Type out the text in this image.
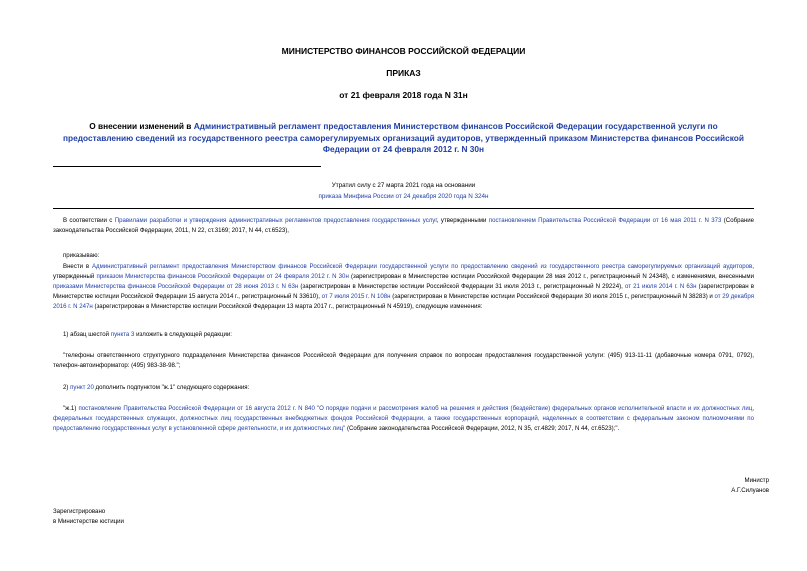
МИНИСТЕРСТВО ФИНАНСОВ РОССИЙСКОЙ ФЕДЕРАЦИИ
ПРИКАЗ
от 21 февраля 2018 года N 31н
О внесении изменений в Административный регламент предоставления Министерством финансов Российской Федерации государственной услуги по предоставлению сведений из государственного реестра саморегулируемых организаций аудиторов, утвержденный приказом Министерства финансов Российской Федерации от 24 февраля 2012 г. N 30н
Утратил силу с 27 марта 2021 года на основании
приказа Минфина России от 24 декабря 2020 года N 324н
В соответствии с Правилами разработки и утверждения административных регламентов предоставления государственных услуг, утвержденными постановлением Правительства Российской Федерации от 16 мая 2011 г. N 373 (Собрание законодательства Российской Федерации, 2011, N 22, ст.3169; 2017, N 44, ст.6523),
приказываю:
Внести в Административный регламент предоставления Министерством финансов Российской Федерации государственной услуги по предоставлению сведений из государственного реестра саморегулируемых организаций аудиторов, утвержденный приказом Министерства финансов Российской Федерации от 24 февраля 2012 г. N 30н (зарегистрирован в Министерстве юстиции Российской Федерации 28 мая 2012 г., регистрационный N 24348), с изменениями, внесенными приказами Министерства финансов Российской Федерации от 28 июня 2013 г. N 63н (зарегистрирован в Министерстве юстиции Российской Федерации 31 июля 2013 г., регистрационный N 29224), от 21 июля 2014 г. N 63н (зарегистрирован в Министерстве юстиции Российской Федерации 15 августа 2014 г., регистрационный N 33610), от 7 июля 2015 г. N 108н (зарегистрирован в Министерстве юстиции Российской Федерации 30 июля 2015 г., регистрационный N 38283) и от 29 декабря 2016 г. N 247н (зарегистрирован в Министерстве юстиции Российской Федерации 13 марта 2017 г., регистрационный N 45919), следующие изменения:
1) абзац шестой пункта 3 изложить в следующей редакции:
"телефоны ответственного структурного подразделения Министерства финансов Российской Федерации для получения справок по вопросам предоставления государственной услуги: (495) 913-11-11 (добавочные номера 0791, 0792), телефон-автоинформатор: (495) 983-38-98.";
2) пункт 20 дополнить подпунктом "ж.1" следующего содержания:
"ж.1) постановление Правительства Российской Федерации от 16 августа 2012 г. N 840 "О порядке подачи и рассмотрения жалоб на решения и действия (бездействие) федеральных органов исполнительной власти и их должностных лиц, федеральных государственных служащих, должностных лиц государственных внебюджетных фондов Российской Федерации, а также государственных корпораций, наделенных в соответствии с федеральным законом полномочиями по предоставлению государственных услуг в установленной сфере деятельности, и их должностных лиц" (Собрание законодательства Российской Федерации, 2012, N 35, ст.4829; 2017, N 44, ст.6523);".
Министр
А.Г.Силуанов
Зарегистрировано
в Министерстве юстиции
